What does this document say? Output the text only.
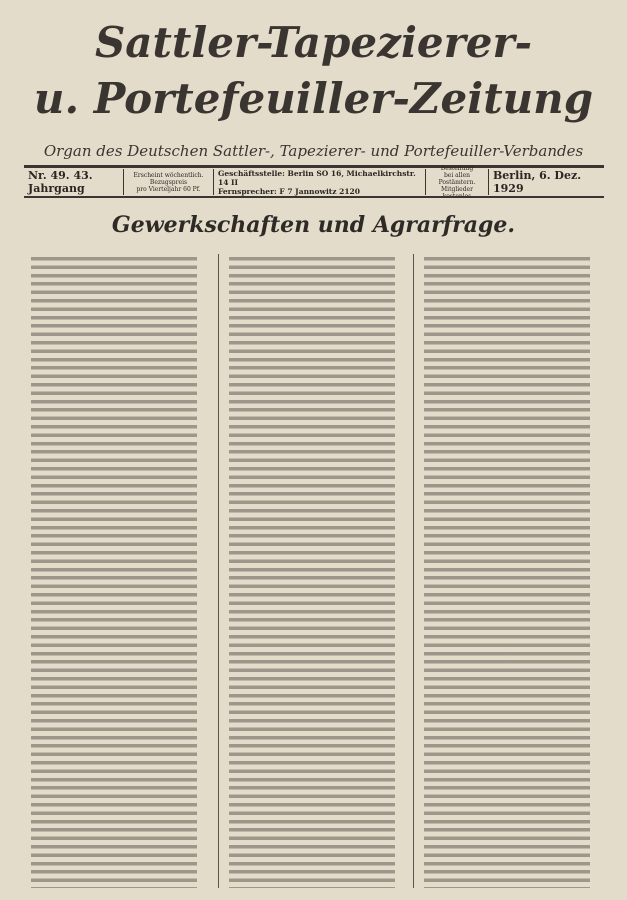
Sattler-Tapezierer-
u. Portefeuiller-Zeitung
Organ des Deutschen Sattler-, Tapezierer- und Portefeuiller-Verbandes
Nr. 49. 43. Jahrgang
Erscheint wöchentlich.
Bezugspreis
pro Vierteljahr 60 Pf.
Geschäftsstelle: Berlin SO 16, Michaelkirchstr. 14 II
Fernsprecher: F 7 Jannowitz 2120
Bestellung
bei allen Postämtern.
Mitglieder
Berlin, 6. Dez. 1929
Gewerkschaften und Agrarfrage.
